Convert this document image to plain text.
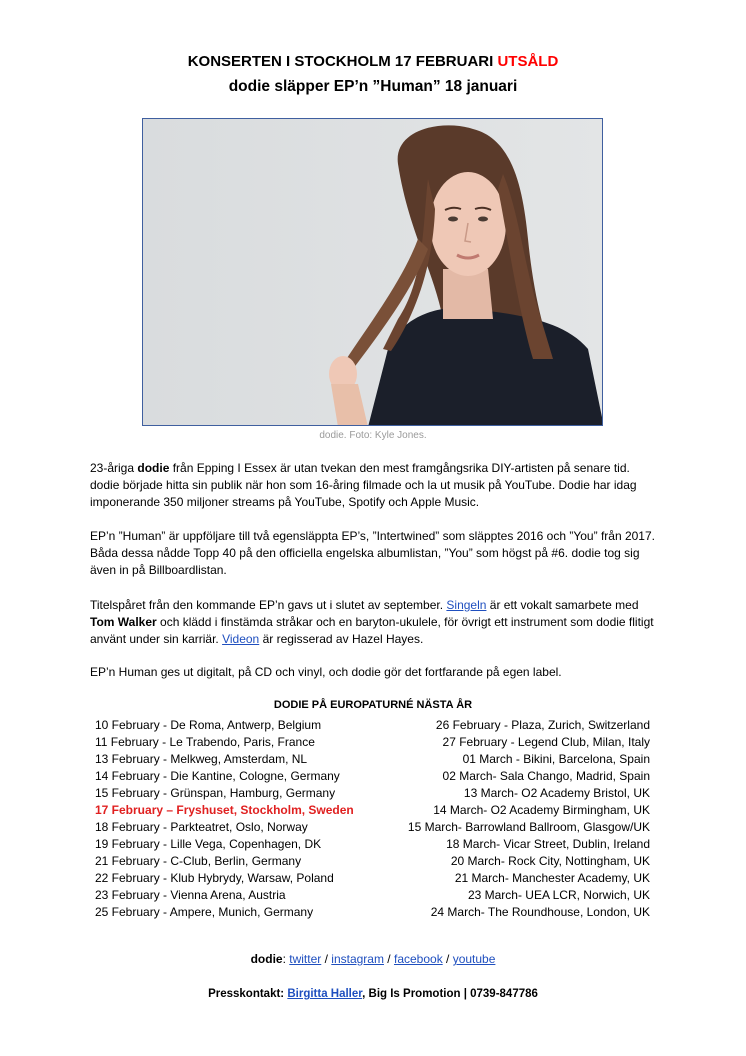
KONSERTEN I STOCKHOLM 17 FEBRUARI UTSÅLD
dodie släpper EP’n ”Human” 18 januari
dodie. Foto: Kyle Jones.

23-åriga dodie från Epping I Essex är utan tvekan den mest framgångsrika DIY-artisten på senare tid. dodie började hitta sin publik när hon som 16-åring filmade och la ut musik på YouTube. Dodie har idag imponerande 350 miljoner streams på YouTube, Spotify och Apple Music.

EP’n ”Human” är uppföljare till två egensläppta EP’s, ”Intertwined” som släpptes 2016 och ”You” från 2017. Båda dessa nådde Topp 40 på den officiella engelska albumlistan, ”You” som högst på #6. dodie tog sig även in på Billboardlistan.

Titelspåret från den kommande EP’n gavs ut i slutet av september. Singeln är ett vokalt samarbete med Tom Walker och klädd i finstämda stråkar och en baryton-ukulele, för övrigt ett instrument som dodie flitigt använt under sin karriär. Videon är regisserad av Hazel Hayes.

EP’n Human ges ut digitalt, på CD och vinyl, och dodie gör det fortfarande på egen label.

DODIE PÅ EUROPATURNÉ NÄSTA ÅR
10 February - De Roma, Antwerp, Belgium
11 February - Le Trabendo, Paris, France
13 February - Melkweg, Amsterdam, NL
14 February - Die Kantine, Cologne, Germany
15 February - Grünspan, Hamburg, Germany
17 February – Fryshuset, Stockholm, Sweden
18 February - Parkteatret, Oslo, Norway
19 February - Lille Vega, Copenhagen, DK
21 February - C-Club, Berlin, Germany
22 February - Klub Hybrydy, Warsaw, Poland
23 February - Vienna Arena, Austria
25 February - Ampere, Munich, Germany
26 February - Plaza, Zurich, Switzerland
27 February - Legend Club, Milan, Italy
01 March - Bikini, Barcelona, Spain
02 March- Sala Chango, Madrid, Spain
13 March- O2 Academy Bristol, UK
14 March- O2 Academy Birmingham, UK
15 March- Barrowland Ballroom, Glasgow/UK
18 March- Vicar Street, Dublin, Ireland
20 March- Rock City, Nottingham, UK
21 March- Manchester Academy, UK
23 March- UEA LCR, Norwich, UK
24 March- The Roundhouse, London, UK
dodie: twitter / instagram / facebook / youtube
Presskontakt: Birgitta Haller, Big Is Promotion | 0739-847786
